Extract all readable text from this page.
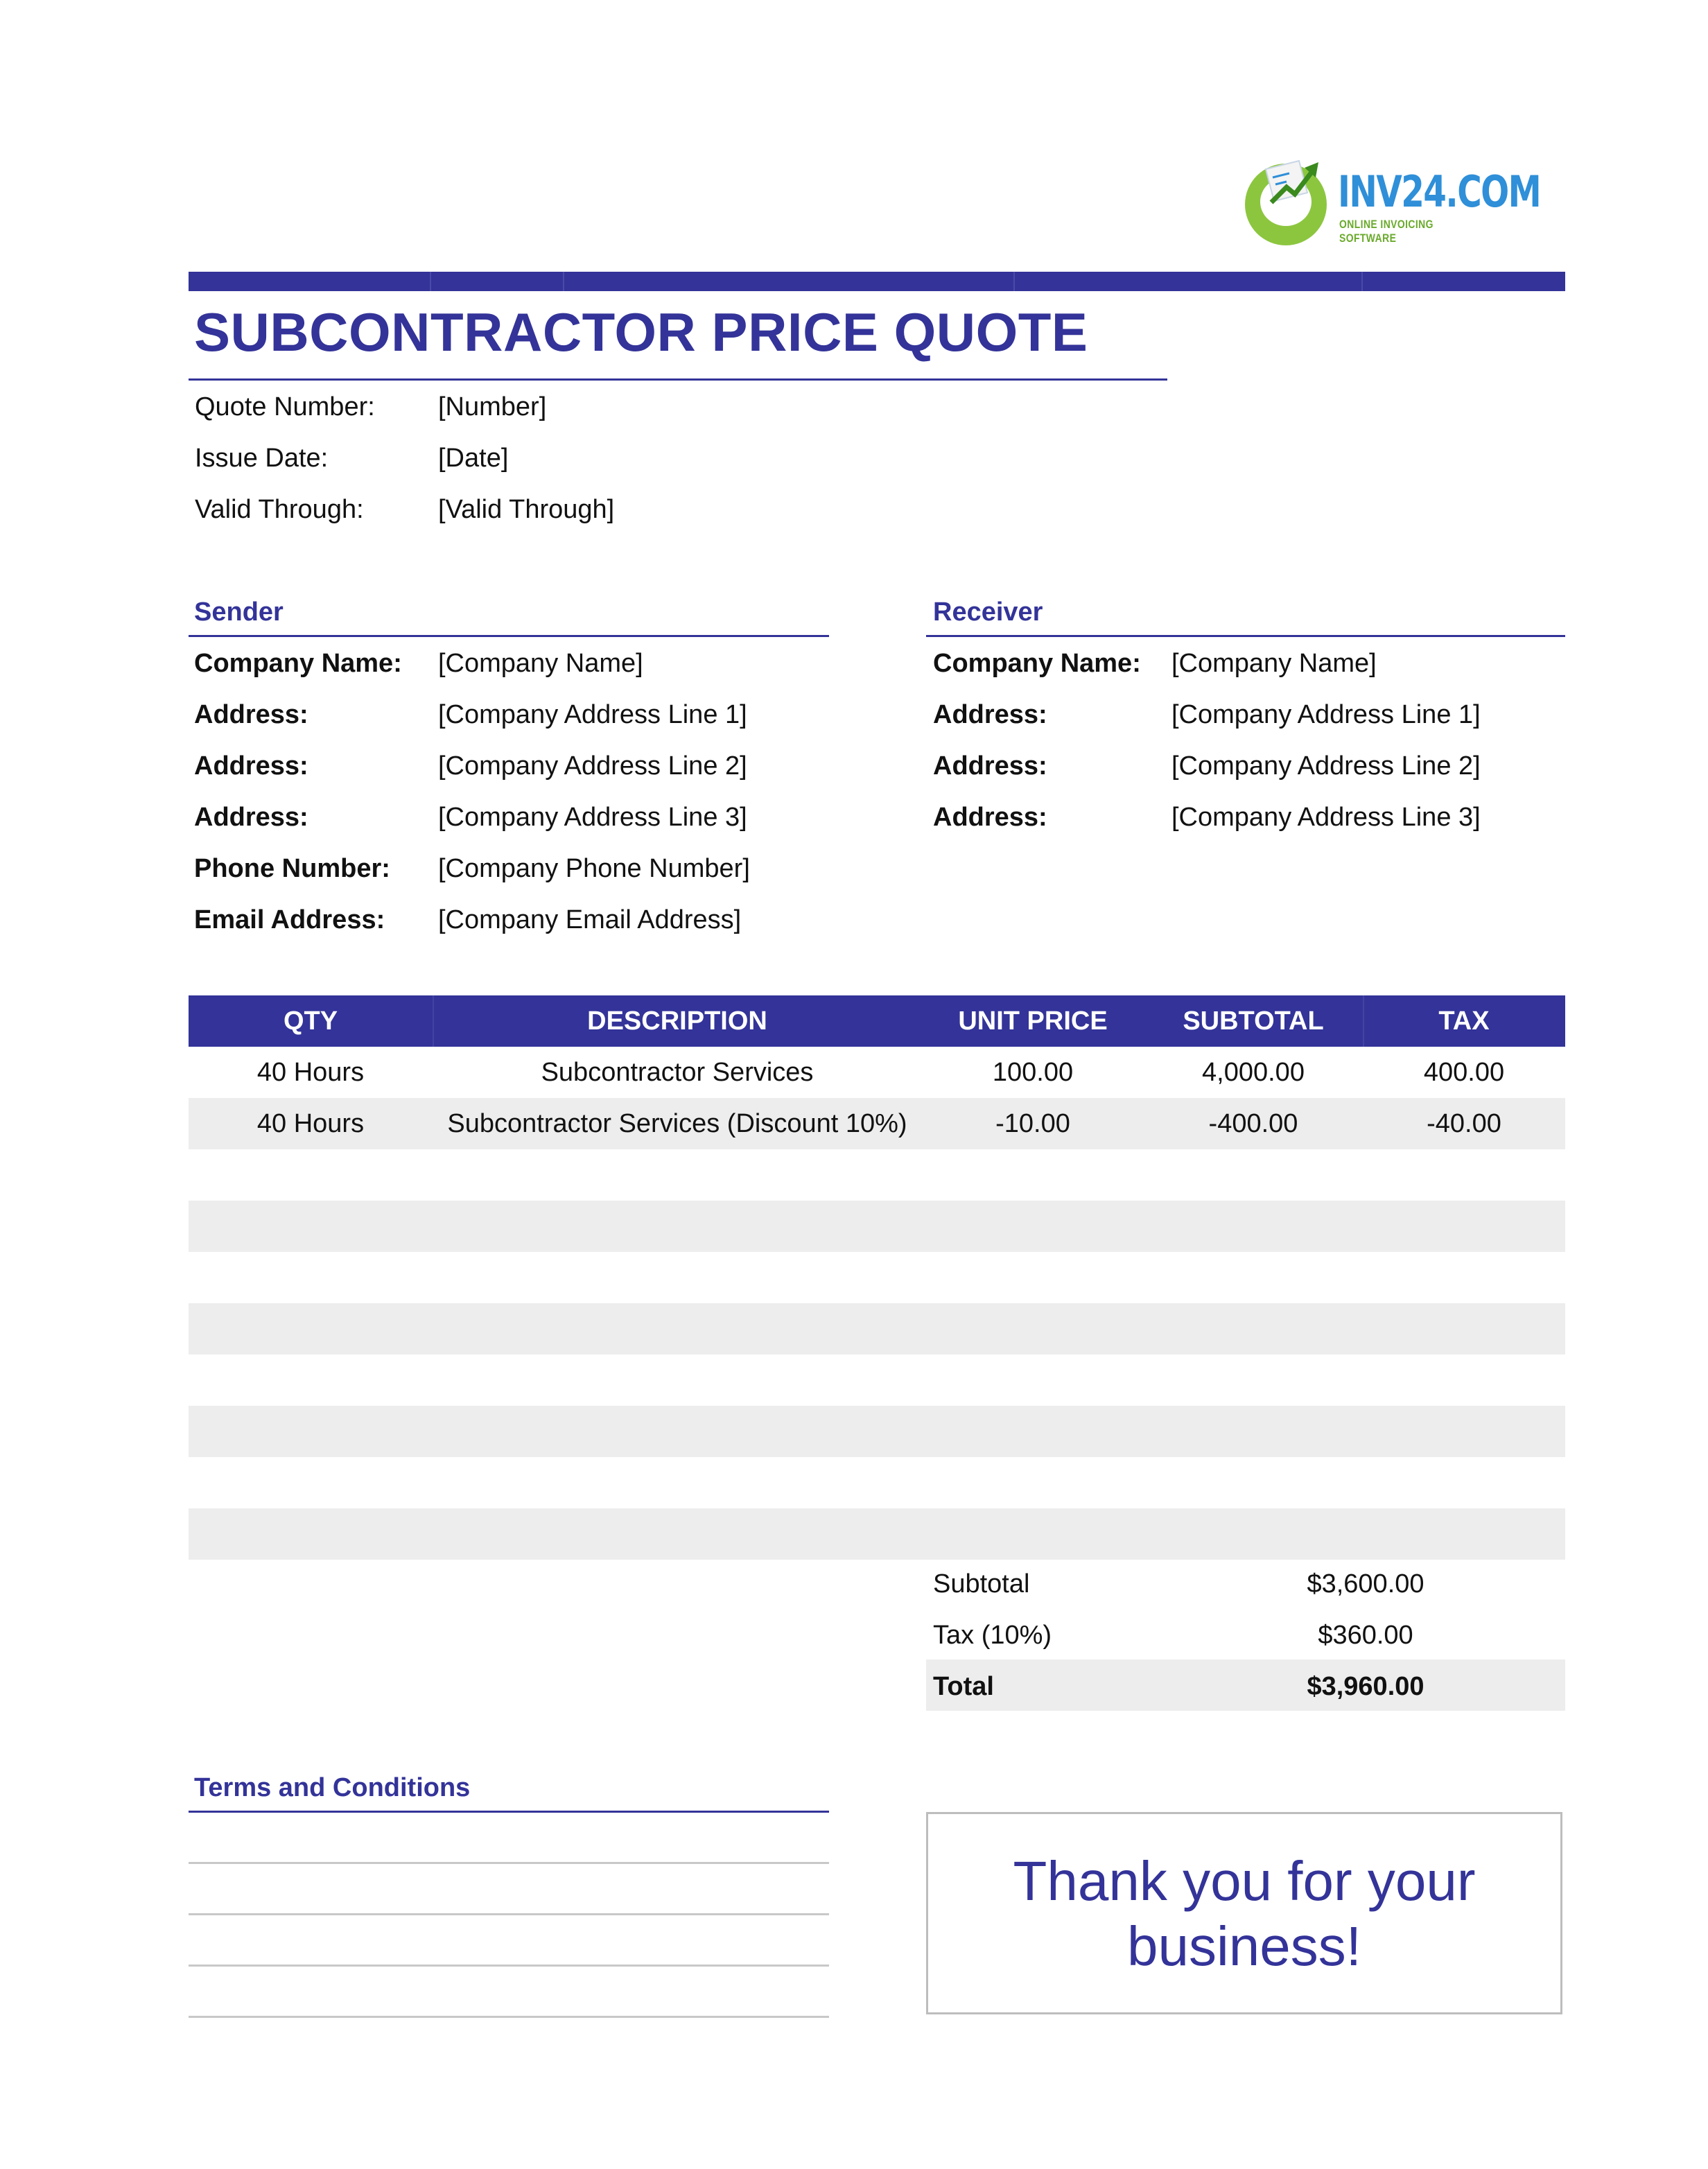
INV24.COM
ONLINE INVOICING SOFTWARE
SUBCONTRACTOR PRICE QUOTE
Quote Number: [Number]
Issue Date:	[Date]
Valid Through:	[Valid Through]
Sender
Company Name: [Company Name]
Address:	[Company Address Line 1]
Address:	[Company Address Line 2]
Address:	[Company Address Line 3]
Phone Number: [Company Phone Number]
Email Address: [Company Email Address]
Receiver
Company Name: [Company Name]
Address:	[Company Address Line 1]
Address:	[Company Address Line 2]
Address:	[Company Address Line 3]
QTY	DESCRIPTION	UNIT PRICE	SUBTOTAL	TAX
40 Hours	Subcontractor Services	100.00	4,000.00	400.00
40 Hours	Subcontractor Services (Discount 10%)	-10.00	-400.00	-40.00
Subtotal	$3,600.00
Tax (10%)	$360.00
Total	$3,960.00
Terms and Conditions
Thank you for your
business!
